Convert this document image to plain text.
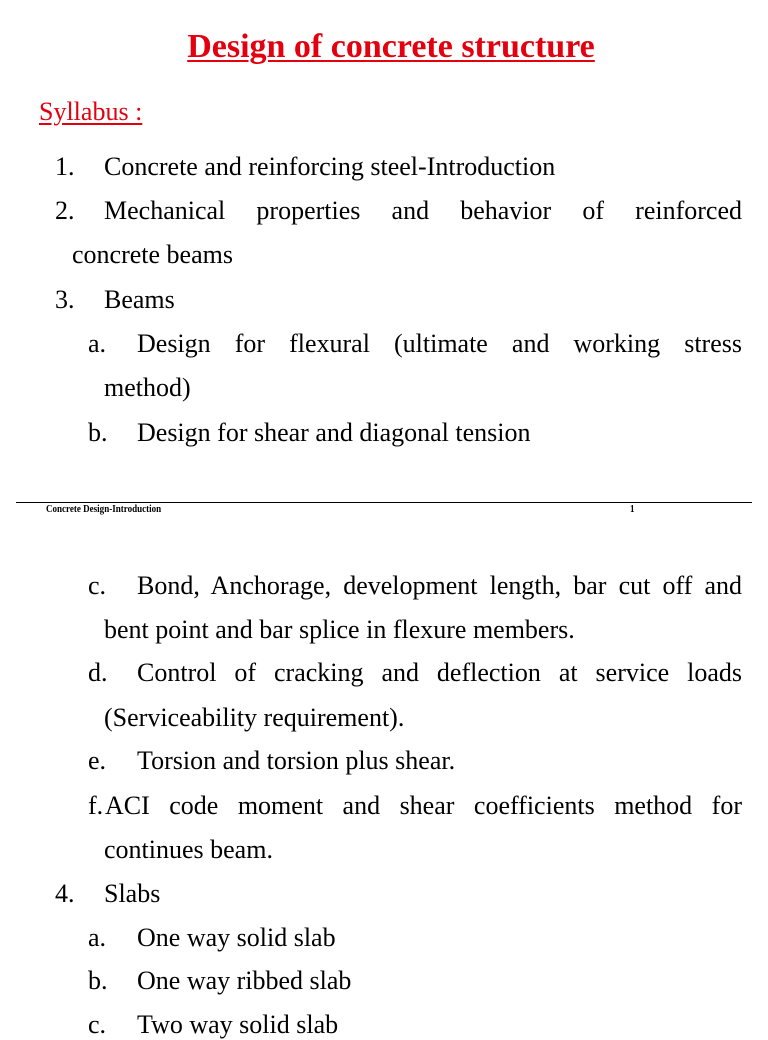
Design of concrete structure
Syllabus :
1. Concrete and reinforcing steel-Introduction
2. Mechanical properties and behavior of reinforced
concrete beams
3. Beams
a. Design for flexural (ultimate and working stress
method)
b. Design for shear and diagonal tension
Concrete Design-Introduction	1
c. Bond, Anchorage, development length, bar cut off and
bent point and bar splice in flexure members.
d. Control of cracking and deflection at service loads
(Serviceability requirement).
e. Torsion and torsion plus shear.
f. ACI code moment and shear coefficients method for
continues beam.
4. Slabs
a. One way solid slab
b. One way ribbed slab
c. Two way solid slab
